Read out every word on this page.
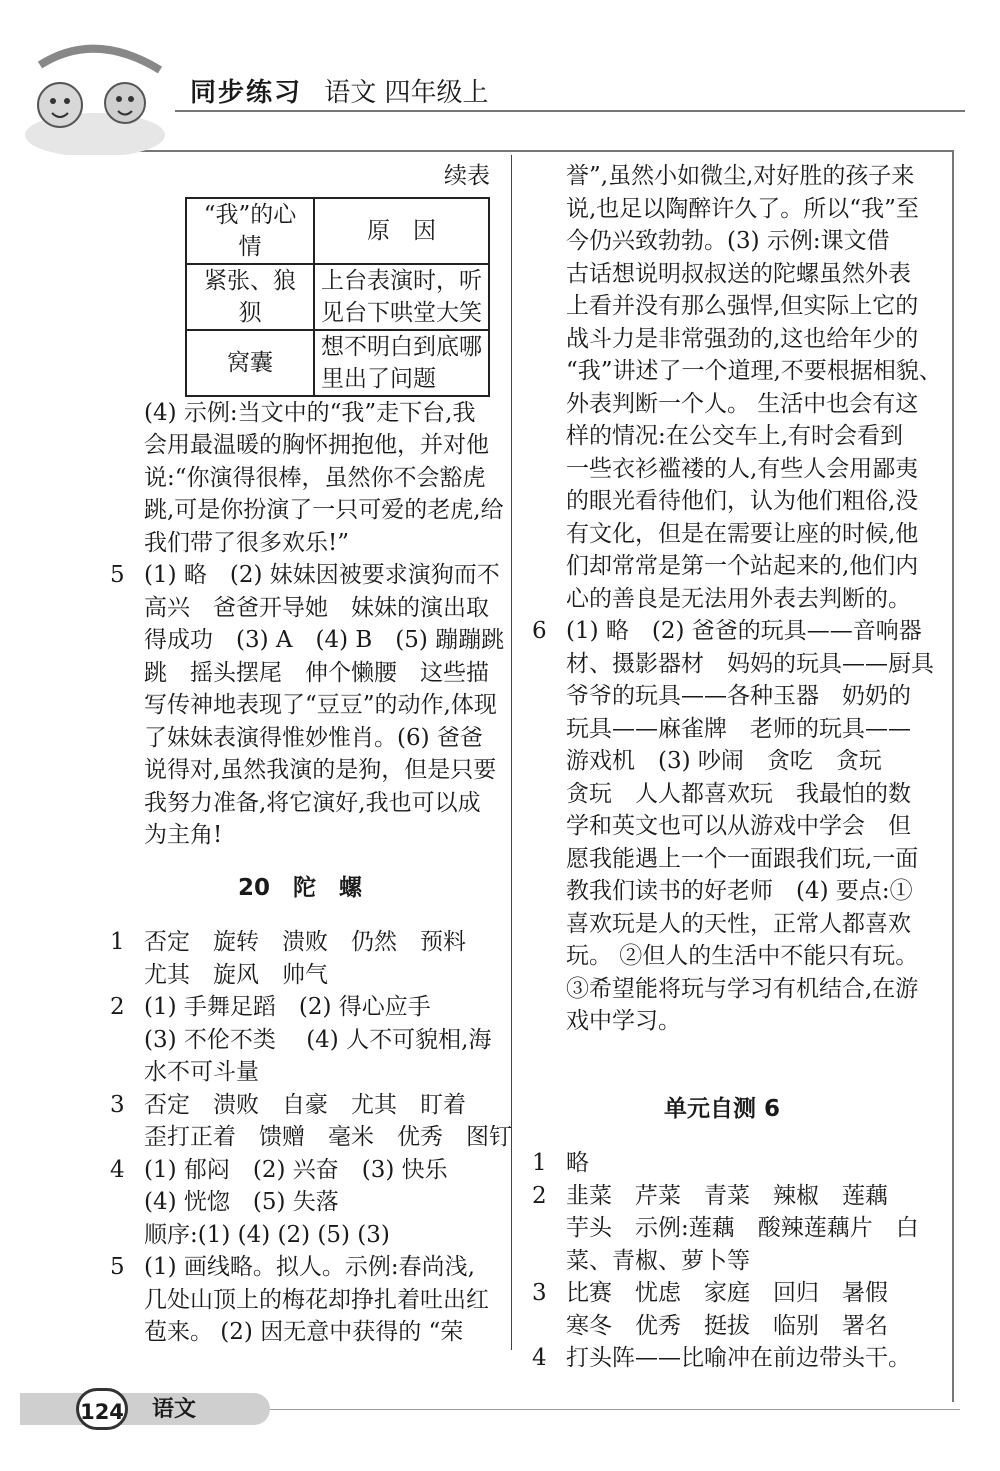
同步练习 语文 四年级上
续表
“我”的心情	原　因
紧张、狼狈	上台表演时，听
见台下哄堂大笑
窝囊	想不明白到底哪
里出了问题
(4) 示例:当文中的“我”走下台,我
会用最温暖的胸怀拥抱他，并对他
说:“你演得很棒，虽然你不会豁虎
跳,可是你扮演了一只可爱的老虎,给
我们带了很多欢乐!”
5 (1) 略　(2) 妹妹因被要求演狗而不
高兴　爸爸开导她　妹妹的演出取
得成功　(3) A　(4) B　(5) 蹦蹦跳
跳　摇头摆尾　伸个懒腰　这些描
写传神地表现了“豆豆”的动作,体现
了妹妹表演得惟妙惟肖。(6) 爸爸
说得对,虽然我演的是狗，但是只要
我努力准备,将它演好,我也可以成
为主角!
20　陀　螺
1 否定　旋转　溃败　仍然　预料
尤其　旋风　帅气
2 (1) 手舞足蹈　(2) 得心应手
(3) 不伦不类　 (4) 人不可貌相,海
水不可斗量
3 否定　溃败　自豪　尤其　盯着
歪打正着　馈赠　毫米　优秀　图钉
4 (1) 郁闷　(2) 兴奋　(3) 快乐
(4) 恍惚　(5) 失落
顺序:(1) (4) (2) (5) (3)
5 (1) 画线略。拟人。示例:春尚浅,
几处山顶上的梅花却挣扎着吐出红
苞来。 (2) 因无意中获得的 “荣
誉”,虽然小如微尘,对好胜的孩子来
说,也足以陶醉许久了。所以“我”至
今仍兴致勃勃。(3) 示例:课文借
古话想说明叔叔送的陀螺虽然外表
上看并没有那么强悍,但实际上它的
战斗力是非常强劲的,这也给年少的
“我”讲述了一个道理,不要根据相貌、
外表判断一个人。 生活中也会有这
样的情况:在公交车上,有时会看到
一些衣衫褴褛的人,有些人会用鄙夷
的眼光看待他们，认为他们粗俗,没
有文化，但是在需要让座的时候,他
们却常常是第一个站起来的,他们内
心的善良是无法用外表去判断的。
6 (1) 略　(2) 爸爸的玩具——音响器
材、摄影器材　妈妈的玩具——厨具
爷爷的玩具——各种玉器　奶奶的
玩具——麻雀牌　老师的玩具——
游戏机　(3) 吵闹　贪吃　贪玩
贪玩　人人都喜欢玩　我最怕的数
学和英文也可以从游戏中学会　但
愿我能遇上一个一面跟我们玩,一面
教我们读书的好老师　(4) 要点:①
喜欢玩是人的天性，正常人都喜欢
玩。 ②但人的生活中不能只有玩。
③希望能将玩与学习有机结合,在游
戏中学习。
单元自测 6
1 略
2 韭菜　芹菜　青菜　辣椒　莲藕
芋头　示例:莲藕　酸辣莲藕片　白
菜、青椒、萝卜等
3 比赛　忧虑　家庭　回归　暑假
寒冬　优秀　挺拔　临别　署名
4 打头阵——比喻冲在前边带头干。
124 语文
